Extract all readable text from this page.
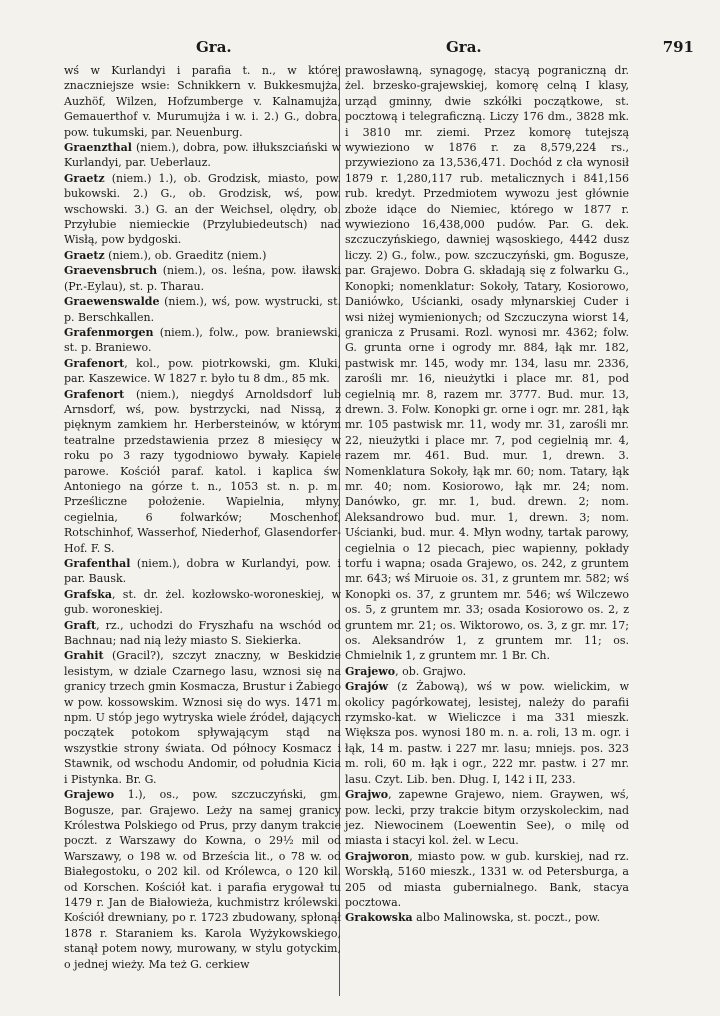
Gra.	Gra.	791

wś w Kurlandyi i parafia t. n., w której znaczniejsze wsie: Schnikkern v. Bukkesmujża, Auzhöf, Wilzen, Hofzumberge v. Kalnamujża, Gemauerthof v. Murumujża i w. i. 2.) G., dobra, pow. tukumski, par. Neuenburg.

Graenzthal (niem.), dobra, pow. iłłukszciański w Kurlandyi, par. Ueberlauz.

Graetz (niem.) 1.), ob. Grodzisk, miasto, pow. bukowski. 2.) G., ob. Grodzisk, wś, pow. wschowski. 3.) G. an der Weichsel, olędry, ob. Przyłubie niemieckie (Przylubiedeutsch) nad Wisłą, pow bydgoski.

Graetz (niem.), ob. Graeditz (niem.)

Graevensbruch (niem.), os. leśna, pow. iławski (Pr.-Eylau), st. p. Tharau.

Graewenswalde (niem.), wś, pow. wystrucki, st. p. Berschkallen.

Grafenmorgen (niem.), folw., pow. braniewski, st. p. Braniewo.

Grafenort, kol., pow. piotrkowski, gm. Kluki, par. Kaszewice. W 1827 r. było tu 8 dm., 85 mk.

Grafenort (niem.), niegdyś Arnoldsdorf lub Arnsdorf, wś, pow. bystrzycki, nad Nissą, z pięknym zamkiem hr. Herbersteinów, w którym teatralne przedstawienia przez 8 miesięcy w roku po 3 razy tygodniowo bywały. Kapiele parowe. Kościół paraf. katol. i kaplica św. Antoniego na górze t. n., 1053 st. n. p. m. Prześliczne położenie. Wapielnia, młyny, cegielnia, 6 folwarków; Moschenhof, Rotschinhof, Wasserhof, Niederhof, Glasendorfer-Hof. F. S.

Grafenthal (niem.), dobra w Kurlandyi, pow. i par. Bausk.

Grafska, st. dr. żel. kozłowsko-woroneskiej, w gub. woroneskiej.

Graft, rz., uchodzi do Fryszhafu na wschód od Bachnau; nad nią leży miasto S. Siekierka.

Grahit (Gracil?), szczyt znaczny, w Beskidzie lesistym, w dziale Czarnego lasu, wznosi się na granicy trzech gmin Kosmacza, Brustur i Żabiego w pow. kossowskim. Wznosi się do wys. 1471 m. npm. U stóp jego wytryska wiele źródeł, dających początek potokom spływającym stąd na wszystkie strony świata. Od północy Kosmacz i Stawnik, od wschodu Andomir, od południa Kicia i Pistynka. Br. G.

Grajewo 1.), os., pow. szczuczyński, gm. Bogusze, par. Grajewo. Leży na samej granicy Królestwa Polskiego od Prus, przy danym trakcie poczt. z Warszawy do Kowna, o 29½ mil od Warszawy, o 198 w. od Brześcia lit., o 78 w. od Białegostoku, o 202 kil. od Królewca, o 120 kil. od Korschen. Kościół kat. i parafia erygował tu 1479 r. Jan de Białowieża, kuchmistrz królewski. Kościół drewniany, po r. 1723 zbudowany, spłonął 1878 r. Staraniem ks. Karola Wyżykowskiego, stanął potem nowy, murowany, w stylu gotyckim, o jednej wieży. Ma też G. cerkiew

prawosławną, synagogę, stacyą pograniczną dr. żel. brzesko-grajewskiej, komorę celną I klasy, urząd gminny, dwie szkółki początkowe, st. pocztową i telegraficzną. Liczy 176 dm., 3828 mk. i 3810 mr. ziemi. Przez komorę tutejszą wywieziono w 1876 r. za 8,579,224 rs., przywieziono za 13,536,471. Dochód z cła wynosił 1879 r. 1,280,117 rub. metalicznych i 841,156 rub. kredyt. Przedmiotem wywozu jest głównie zboże idące do Niemiec, którego w 1877 r. wywieziono 16,438,000 pudów. Par. G. dek. szczuczyńskiego, dawniej wąsoskiego, 4442 dusz liczy. 2) G., folw., pow. szczuczyński, gm. Bogusze, par. Grajewo. Dobra G. składają się z folwarku G., Konopki; nomenklatur: Sokoły, Tatary, Kosiorowo, Daniówko, Uścianki, osady młynarskiej Cuder i wsi niżej wymienionych; od Szczuczyna wiorst 14, granicza z Prusami. Rozl. wynosi mr. 4362; folw. G. grunta orne i ogrody mr. 884, łąk mr. 182, pastwisk mr. 145, wody mr. 134, lasu mr. 2336, zarośli mr. 16, nieużytki i place mr. 81, pod cegielnią mr. 8, razem mr. 3777. Bud. mur. 13, drewn. 3. Folw. Konopki gr. orne i ogr. mr. 281, łąk mr. 105 pastwisk mr. 11, wody mr. 31, zarośli mr. 22, nieużytki i place mr. 7, pod cegielnią mr. 4, razem mr. 461. Bud. mur. 1, drewn. 3. Nomenklatura Sokoły, łąk mr. 60; nom. Tatary, łąk mr. 40; nom. Kosiorowo, łąk mr. 24; nom. Danówko, gr. mr. 1, bud. drewn. 2; nom. Aleksandrowo bud. mur. 1, drewn. 3; nom. Uścianki, bud. mur. 4. Młyn wodny, tartak parowy, cegielnia o 12 piecach, piec wapienny, pokłady torfu i wapna; osada Grajewo, os. 242, z gruntem mr. 643; wś Miruoie os. 31, z gruntem mr. 582; wś Konopki os. 37, z gruntem mr. 546; wś Wilczewo os. 5, z gruntem mr. 33; osada Kosiorowo os. 2, z gruntem mr. 21; os. Wiktorowo, os. 3, z gr. mr. 17; os. Aleksandrów 1, z gruntem mr. 11; os. Chmielnik 1, z gruntem mr. 1 Br. Ch.

Grajewo, ob. Grajwo.

Grajów (z Żabową), wś w pow. wielickim, w okolicy pagórkowatej, lesistej, należy do parafii rzymsko-kat. w Wieliczce i ma 331 mieszk. Większa pos. wynosi 180 m. n. a. roli, 13 m. ogr. i łąk, 14 m. pastw. i 227 mr. lasu; mniejs. pos. 323 m. roli, 60 m. łąk i ogr., 222 mr. pastw. i 27 mr. lasu. Czyt. Lib. ben. Dług. I, 142 i II, 233.

Grajwo, zapewne Grajewo, niem. Graywen, wś, pow. lecki, przy trakcie bitym orzyskoleckim, nad jez. Niewocinem (Loewentin See), o milę od miasta i stacyi kol. żel. w Lecu.

Grajworon, miasto pow. w gub. kurskiej, nad rz. Worskłą, 5160 mieszk., 1331 w. od Petersburga, a 205 od miasta gubernialnego. Bank, stacya pocztowa.

Grakowska albo Malinowska, st. poczt., pow.
